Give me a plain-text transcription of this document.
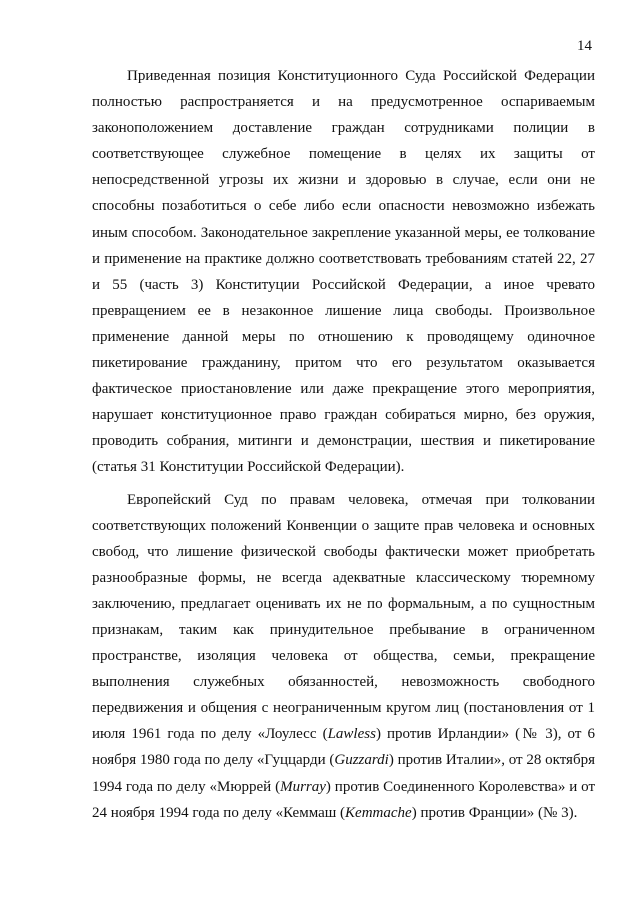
14

Приведенная позиция Конституционного Суда Российской Федерации полностью распространяется и на предусмотренное оспариваемым законоположением доставление граждан сотрудниками полиции в соответствующее служебное помещение в целях их защиты от непосредственной угрозы их жизни и здоровью в случае, если они не способны позаботиться о себе либо если опасности невозможно избежать иным способом. Законодательное закрепление указанной меры, ее толкование и применение на практике должно соответствовать требованиям статей 22, 27 и 55 (часть 3) Конституции Российской Федерации, а иное чревато превращением ее в незаконное лишение лица свободы. Произвольное применение данной меры по отношению к проводящему одиночное пикетирование гражданину, притом что его результатом оказывается фактическое приостановление или даже прекращение этого мероприятия, нарушает конституционное право граждан собираться мирно, без оружия, проводить собрания, митинги и демонстрации, шествия и пикетирование (статья 31 Конституции Российской Федерации).

Европейский Суд по правам человека, отмечая при толковании соответствующих положений Конвенции о защите прав человека и основных свобод, что лишение физической свободы фактически может приобретать разнообразные формы, не всегда адекватные классическому тюремному заключению, предлагает оценивать их не по формальным, а по сущностным признакам, таким как принудительное пребывание в ограниченном пространстве, изоляция человека от общества, семьи, прекращение выполнения служебных обязанностей, невозможность свободного передвижения и общения с неограниченным кругом лиц (постановления от 1 июля 1961 года по делу «Лоулесс (Lawless) против Ирландии» (№ 3), от 6 ноября 1980 года по делу «Гуццарди (Guzzardi) против Италии», от 28 октября 1994 года по делу «Мюррей (Murray) против Соединенного Королевства» и от 24 ноября 1994 года по делу «Кеммаш (Kemmache) против Франции» (№ 3).
